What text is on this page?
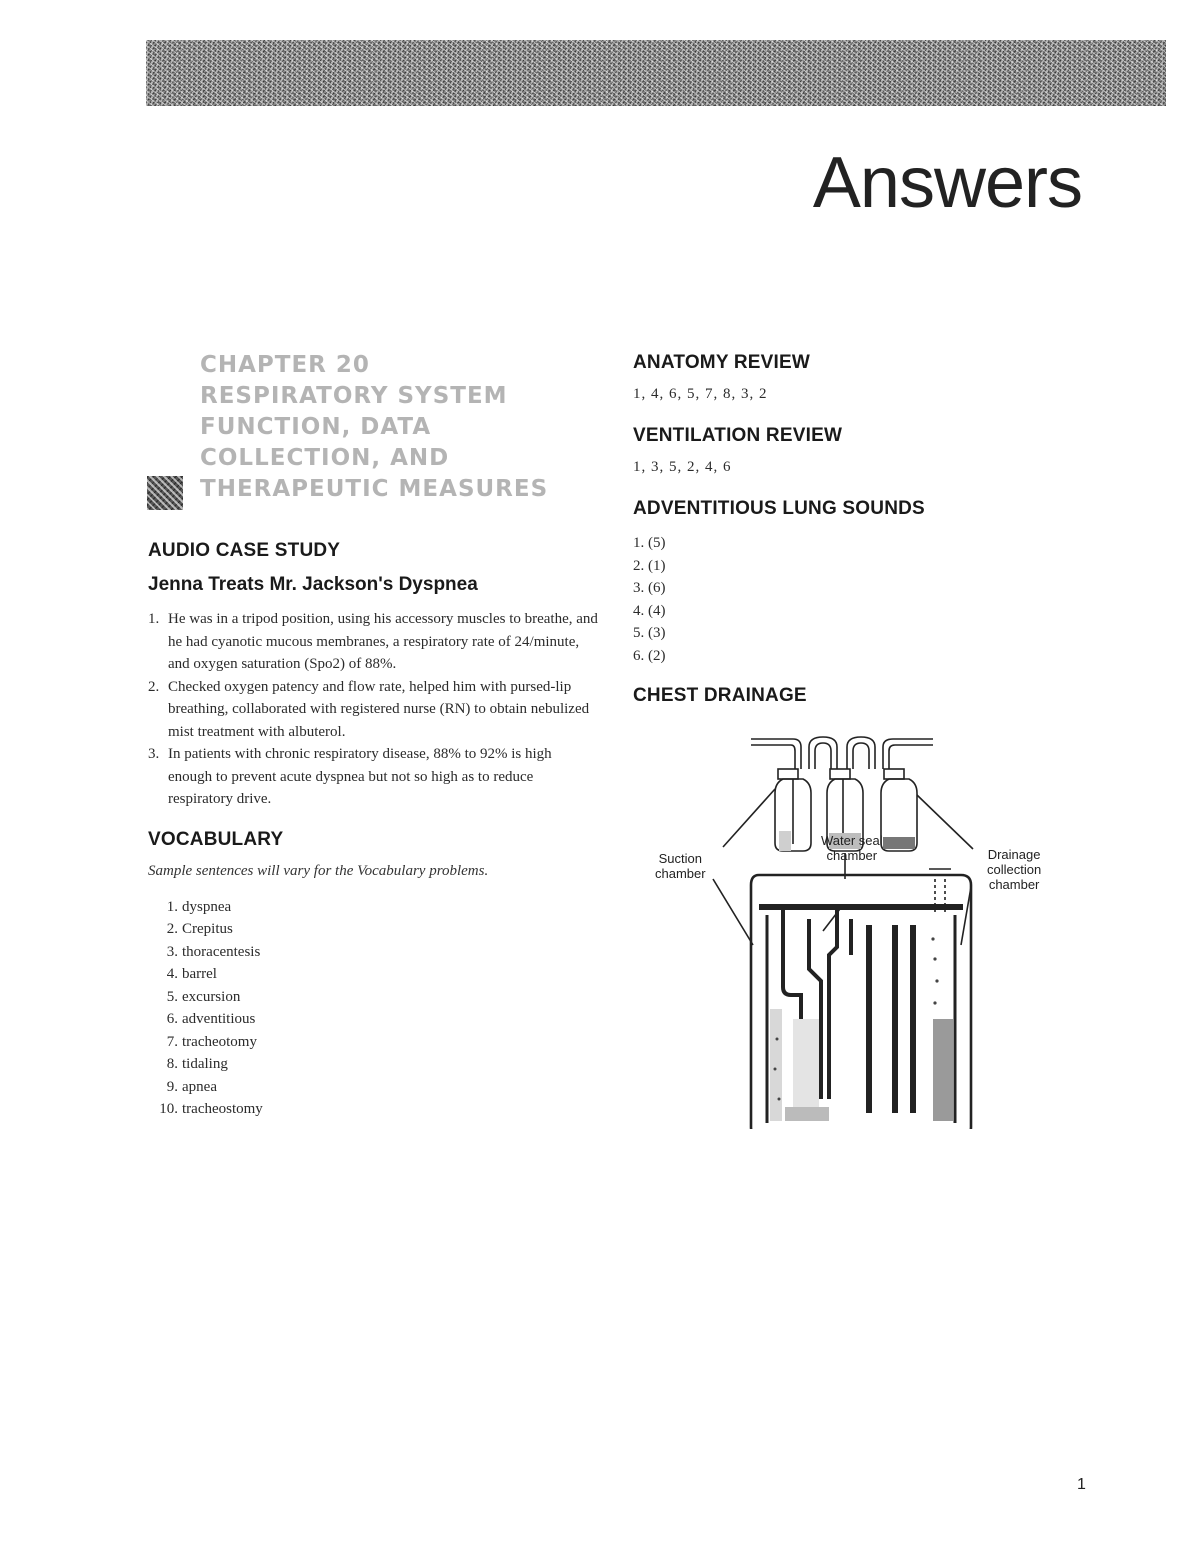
Answers
CHAPTER 20
RESPIRATORY SYSTEM
FUNCTION, DATA
COLLECTION, AND
THERAPEUTIC MEASURES
AUDIO CASE STUDY
Jenna Treats Mr. Jackson's Dyspnea
1. He was in a tripod position, using his accessory muscles to breathe, and he had cyanotic mucous membranes, a respiratory rate of 24/minute, and oxygen saturation (Spo2) of 88%.
2. Checked oxygen patency and flow rate, helped him with pursed-lip breathing, collaborated with registered nurse (RN) to obtain nebulized mist treatment with albuterol.
3. In patients with chronic respiratory disease, 88% to 92% is high enough to prevent acute dyspnea but not so high as to reduce respiratory drive.
VOCABULARY

Sample sentences will vary for the Vocabulary problems.

1. dyspnea
2. Crepitus
3. thoracentesis
4. barrel
5. excursion
6. adventitious
7. tracheotomy
8. tidaling
9. apnea
10. tracheostomy
ANATOMY REVIEW

1, 4, 6, 5, 7, 8, 3, 2

VENTILATION REVIEW

1, 3, 5, 2, 4, 6

ADVENTITIOUS LUNG SOUNDS
1. (5)
2. (1)
3. (6)
4. (4)
5. (3)
6. (2)
CHEST DRAINAGE
Suction
chamber
Water seal
chamber	Drainage
collection
chamber
1
